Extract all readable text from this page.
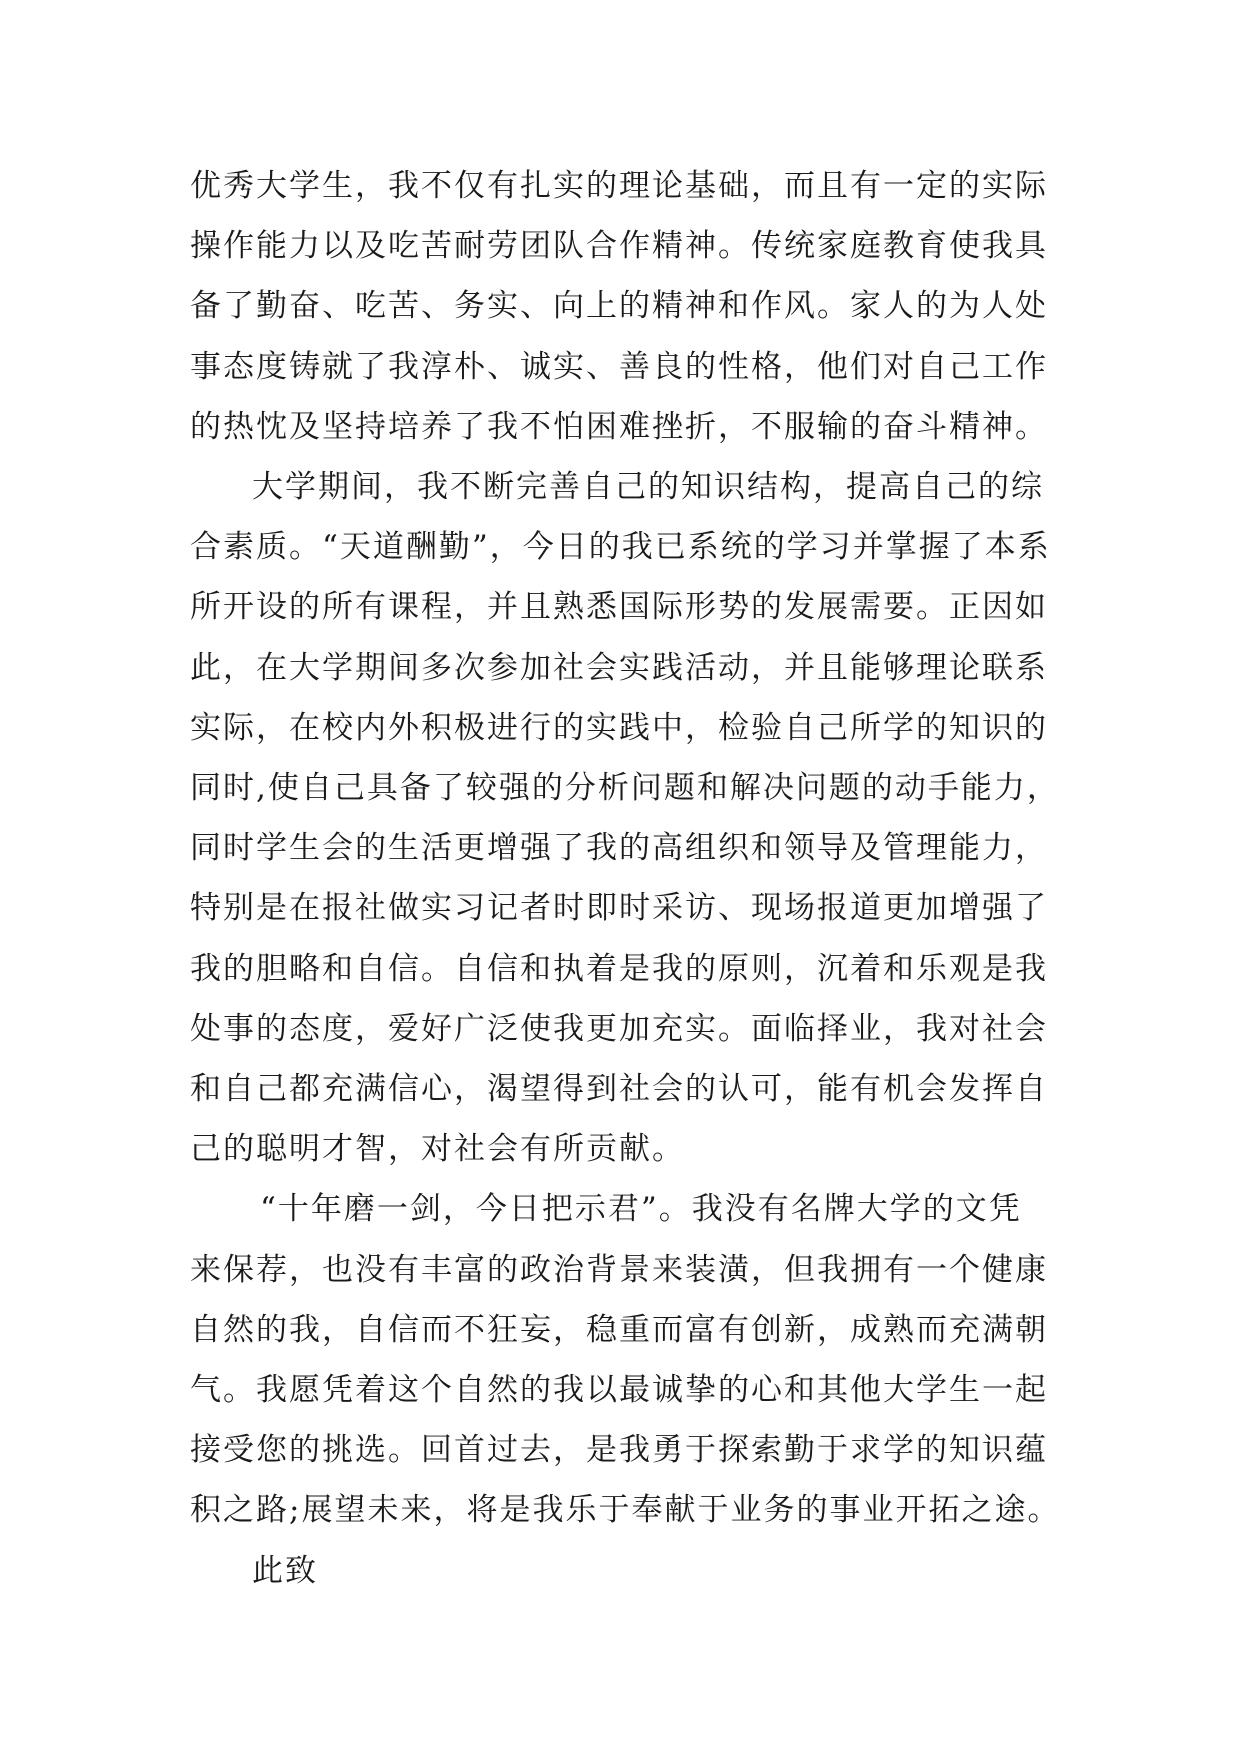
优秀大学生，我不仅有扎实的理论基础，而且有一定的实际
操作能力以及吃苦耐劳团队合作精神。传统家庭教育使我具
备了勤奋、吃苦、务实、向上的精神和作风。家人的为人处
事态度铸就了我淳朴、诚实、善良的性格，他们对自己工作
的热忱及坚持培养了我不怕困难挫折，不服输的奋斗精神。
大学期间，我不断完善自己的知识结构，提高自己的综
合素质。“天道酬勤”，今日的我已系统的学习并掌握了本系
所开设的所有课程，并且熟悉国际形势的发展需要。正因如
此，在大学期间多次参加社会实践活动，并且能够理论联系
实际，在校内外积极进行的实践中，检验自己所学的知识的
同时,使自己具备了较强的分析问题和解决问题的动手能力，
同时学生会的生活更增强了我的高组织和领导及管理能力，
特别是在报社做实习记者时即时采访、现场报道更加增强了
我的胆略和自信。自信和执着是我的原则，沉着和乐观是我
处事的态度，爱好广泛使我更加充实。面临择业，我对社会
和自己都充满信心，渴望得到社会的认可，能有机会发挥自
己的聪明才智，对社会有所贡献。
“十年磨一剑，今日把示君”。我没有名牌大学的文凭
来保荐，也没有丰富的政治背景来装潢，但我拥有一个健康
自然的我，自信而不狂妄，稳重而富有创新，成熟而充满朝
气。我愿凭着这个自然的我以最诚挚的心和其他大学生一起
接受您的挑选。回首过去，是我勇于探索勤于求学的知识蕴
积之路;展望未来，将是我乐于奉献于业务的事业开拓之途。
此致
